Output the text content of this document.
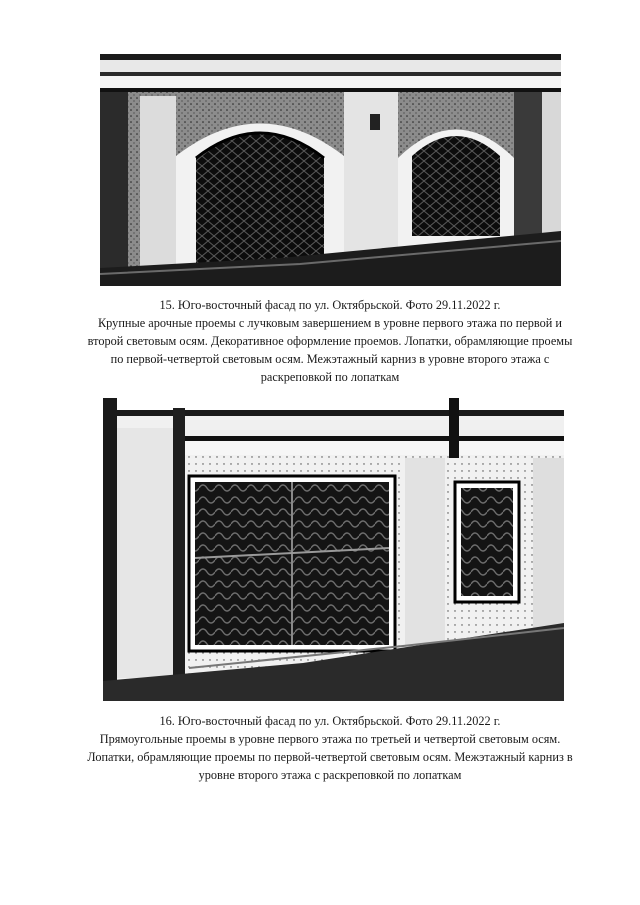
15. Юго-восточный фасад по ул. Октябрьской. Фото 29.11.2022 г.

Крупные арочные проемы с лучковым завершением в уровне первого этажа по первой и

второй световым осям. Декоративное оформление проемов. Лопатки, обрамляющие проемы

по первой-четвертой световым осям. Межэтажный карниз в уровне второго этажа с

раскреповкой по лопаткам

16. Юго-восточный фасад по ул. Октябрьской. Фото 29.11.2022 г.

Прямоугольные проемы в уровне первого этажа по третьей и четвертой световым осям.

Лопатки, обрамляющие проемы по первой-четвертой световым осям. Межэтажный карниз в

уровне второго этажа с раскреповкой по лопаткам
